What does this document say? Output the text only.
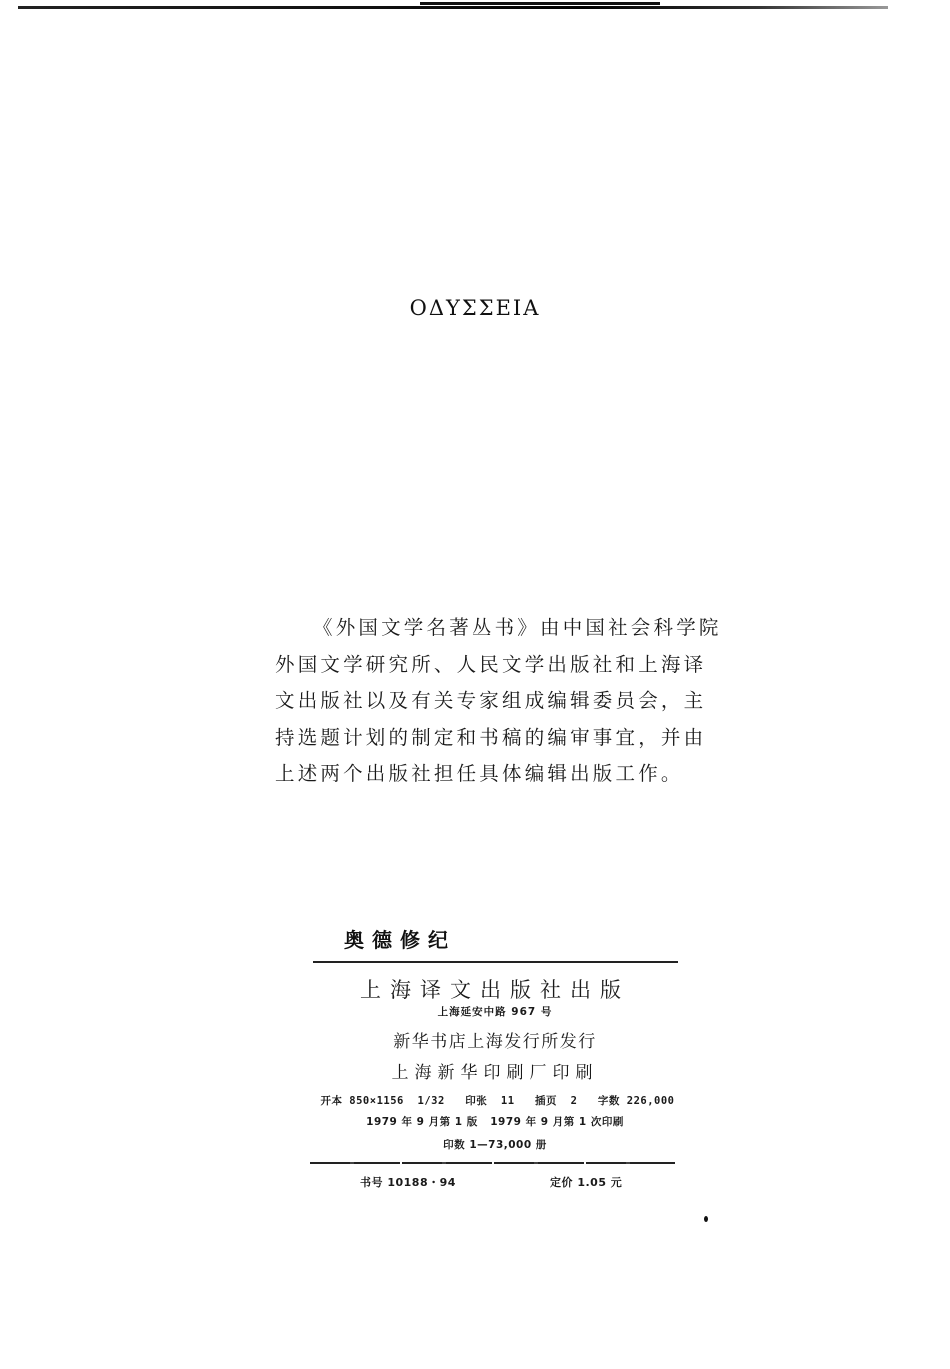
ΟΔΥΣΣΕΙΑ
《外国文学名著丛书》由中国社会科学院外国文学研究所、人民文学出版社和上海译文出版社以及有关专家组成编辑委员会，主持选题计划的制定和书稿的编审事宜，并由上述两个出版社担任具体编辑出版工作。
奥德修纪
上海译文出版社出版
上海延安中路 967 号
新华书店上海发行所发行
上海新华印刷厂印刷
开本 850×1156  1/32   印张  11   插页  2   字数 226,000
1979 年 9 月第 1 版   1979 年 9 月第 1 次印刷
印数 1—73,000 册
书号 10188・94	定价 1.05 元
